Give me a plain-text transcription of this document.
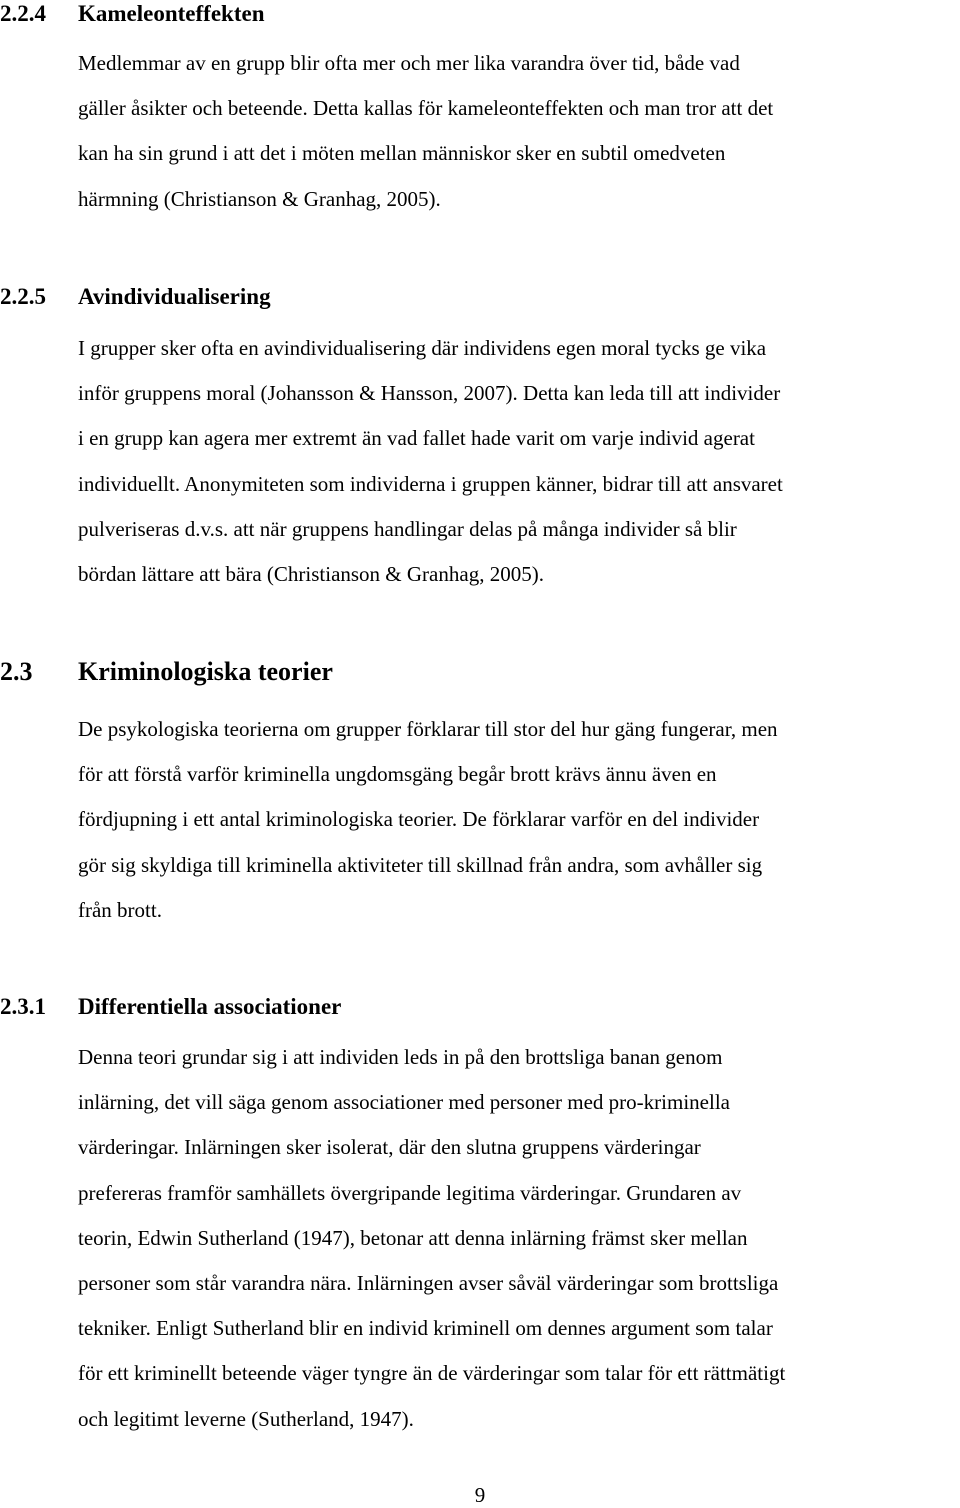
2.2.4 Kameleonteffekten
Medlemmar av en grupp blir ofta mer och mer lika varandra över tid, både vad
gäller åsikter och beteende. Detta kallas för kameleonteffekten och man tror att det
kan ha sin grund i att det i möten mellan människor sker en subtil omedveten
härmning (Christianson & Granhag, 2005).
2.2.5 Avindividualisering
I grupper sker ofta en avindividualisering där individens egen moral tycks ge vika
inför gruppens moral (Johansson & Hansson, 2007). Detta kan leda till att individer
i en grupp kan agera mer extremt än vad fallet hade varit om varje individ agerat
individuellt. Anonymiteten som individerna i gruppen känner, bidrar till att ansvaret
pulveriseras d.v.s. att när gruppens handlingar delas på många individer så blir
bördan lättare att bära (Christianson & Granhag, 2005).
2.3 Kriminologiska teorier
De psykologiska teorierna om grupper förklarar till stor del hur gäng fungerar, men
för att förstå varför kriminella ungdomsgäng begår brott krävs ännu även en
fördjupning i ett antal kriminologiska teorier. De förklarar varför en del individer
gör sig skyldiga till kriminella aktiviteter till skillnad från andra, som avhåller sig
från brott.
2.3.1 Differentiella associationer
Denna teori grundar sig i att individen leds in på den brottsliga banan genom
inlärning, det vill säga genom associationer med personer med pro-kriminella
värderingar. Inlärningen sker isolerat, där den slutna gruppens värderingar
prefereras framför samhällets övergripande legitima värderingar. Grundaren av
teorin, Edwin Sutherland (1947), betonar att denna inlärning främst sker mellan
personer som står varandra nära. Inlärningen avser såväl värderingar som brottsliga
tekniker. Enligt Sutherland blir en individ kriminell om dennes argument som talar
för ett kriminellt beteende väger tyngre än de värderingar som talar för ett rättmätigt
och legitimt leverne (Sutherland, 1947).
9
